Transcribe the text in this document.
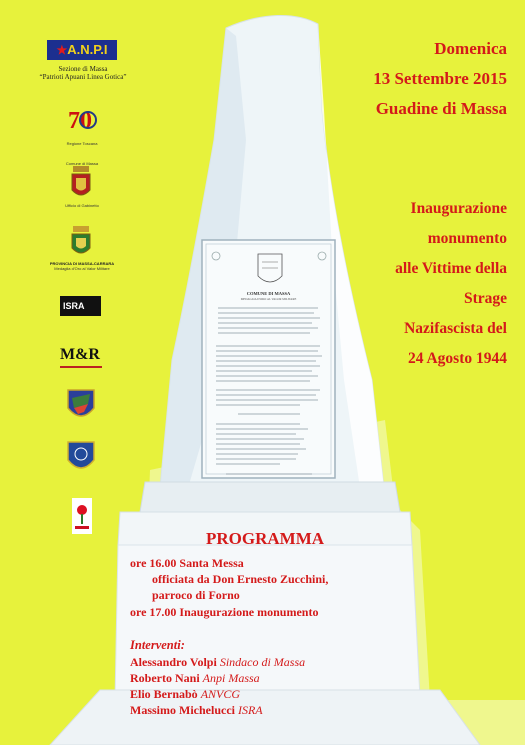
COMUNE DI MASSA
MEDAGLIA D'ORO AL VALOR MILITARE
★A.N.P.I
Sezione di Massa
“Patrioti Apuani Linea Gotica”
70
Regione Toscana
Comune di Massa
Ufficio di Gabinetto
PROVINCIA DI MASSA-CARRARA
Medaglia d'Oro al Valor Militare
ISRA
M&R
Domenica
13 Settembre 2015
Guadine di Massa
Inaugurazione
monumento
alle Vittime della
Strage
Nazifascista del
24 Agosto 1944
PROGRAMMA
ore 16.00 Santa Messa
officiata da Don Ernesto Zucchini,
parroco di Forno
ore 17.00 Inaugurazione monumento
Interventi:
Alessandro Volpi Sindaco di Massa
Roberto Nani Anpi Massa
Elio Bernabò ANVCG
Massimo Michelucci ISRA
